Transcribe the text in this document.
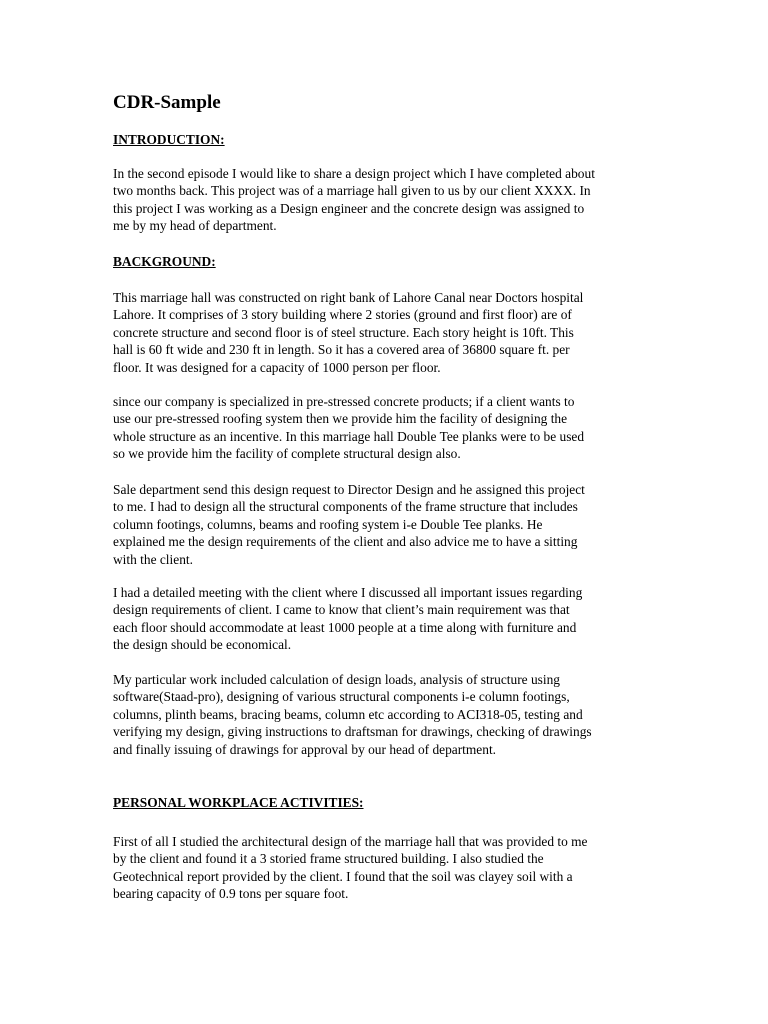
CDR-Sample
INTRODUCTION:

In the second episode I would like to share a design project which I have completed about
two months back. This project was of a marriage hall given to us by our client XXXX. In
this project I was working as a Design engineer and the concrete design was assigned to
me by my head of department.

BACKGROUND:

This marriage hall was constructed on right bank of Lahore Canal near Doctors hospital
Lahore. It comprises of 3 story building where 2 stories (ground and first floor) are of
concrete structure and second floor is of steel structure. Each story height is 10ft. This
hall is 60 ft wide and 230 ft in length. So it has a covered area of 36800 square ft. per
floor. It was designed for a capacity of 1000 person per floor.

since our company is specialized in pre-stressed concrete products; if a client wants to
use our pre-stressed roofing system then we provide him the facility of designing the
whole structure as an incentive. In this marriage hall Double Tee planks were to be used
so we provide him the facility of complete structural design also.

Sale department send this design request to Director Design and he assigned this project
to me. I had to design all the structural components of the frame structure that includes
column footings, columns, beams and roofing system i-e Double Tee planks. He
explained me the design requirements of the client and also advice me to have a sitting
with the client.

I had a detailed meeting with the client where I discussed all important issues regarding
design requirements of client. I came to know that client’s main requirement was that
each floor should accommodate at least 1000 people at a time along with furniture and
the design should be economical.

My particular work included calculation of design loads, analysis of structure using
software(Staad-pro), designing of various structural components i-e column footings,
columns, plinth beams, bracing beams, column etc according to ACI318-05, testing and
verifying my design, giving instructions to draftsman for drawings, checking of drawings
and finally issuing of drawings for approval by our head of department.

PERSONAL WORKPLACE ACTIVITIES:

First of all I studied the architectural design of the marriage hall that was provided to me
by the client and found it a 3 storied frame structured building. I also studied the
Geotechnical report provided by the client. I found that the soil was clayey soil with a
bearing capacity of 0.9 tons per square foot.
